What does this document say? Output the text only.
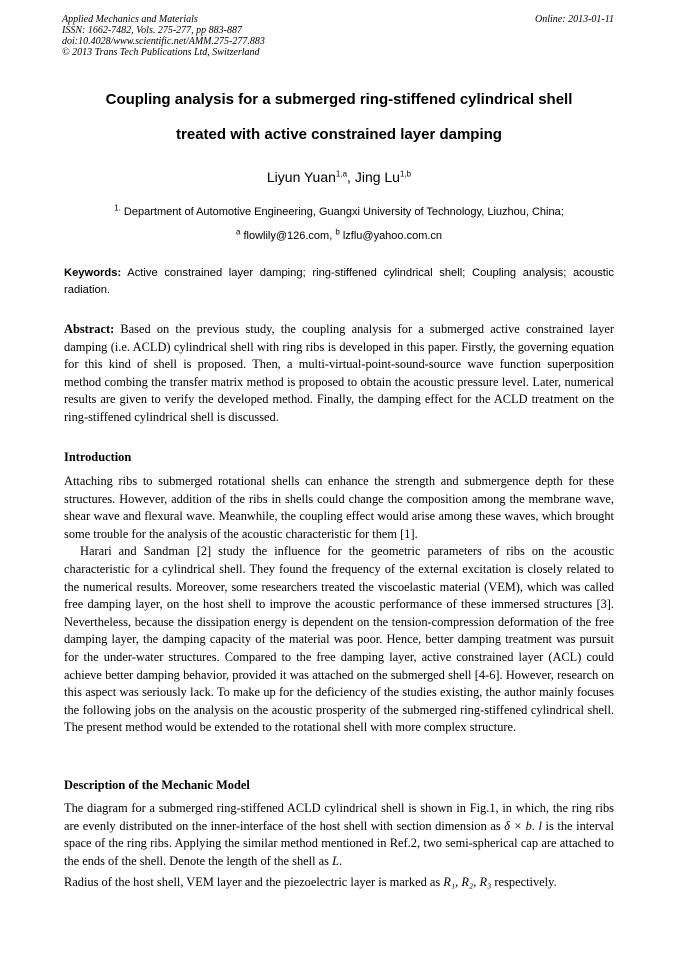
Applied Mechanics and Materials
ISSN: 1662-7482, Vols. 275-277, pp 883-887
doi:10.4028/www.scientific.net/AMM.275-277.883
© 2013 Trans Tech Publications Ltd, Switzerland
Online: 2013-01-11
Coupling analysis for a submerged ring-stiffened cylindrical shell
treated with active constrained layer damping
Liyun Yuan$^{1,a}$, Jing Lu$^{1,b}$
$^{1.}$ Department of Automotive Engineering, Guangxi University of Technology, Liuzhou, China;
$^a$ flowlily@126.com, $^b$ lzflu@yahoo.com.cn
Keywords: Active constrained layer damping; ring-stiffened cylindrical shell; Coupling analysis; acoustic radiation.
Abstract: Based on the previous study, the coupling analysis for a submerged active constrained layer damping (i.e. ACLD) cylindrical shell with ring ribs is developed in this paper. Firstly, the governing equation for this kind of shell is proposed. Then, a multi-virtual-point-sound-source wave function superposition method combing the transfer matrix method is proposed to obtain the acoustic pressure level. Later, numerical results are given to verify the developed method. Finally, the damping effect for the ACLD treatment on the ring-stiffened cylindrical shell is discussed.
Introduction

Attaching ribs to submerged rotational shells can enhance the strength and submergence depth for these structures. However, addition of the ribs in shells could change the composition among the membrane wave, shear wave and flexural wave. Meanwhile, the coupling effect would arise among these waves, which brought some trouble for the analysis of the acoustic characteristic for them [1].

Harari and Sandman [2] study the influence for the geometric parameters of ribs on the acoustic characteristic for a cylindrical shell. They found the frequency of the external excitation is closely related to the numerical results. Moreover, some researchers treated the viscoelastic material (VEM), which was called free damping layer, on the host shell to improve the acoustic performance of these immersed structures [3]. Nevertheless, because the dissipation energy is dependent on the tension-compression deformation of the free damping layer, the damping capacity of the material was poor. Hence, better damping treatment was pursuit for the under-water structures. Compared to the free damping layer, active constrained layer (ACL) could achieve better damping behavior, provided it was attached on the submerged shell [4-6]. However, research on this aspect was seriously lack. To make up for the deficiency of the studies existing, the author mainly focuses the following jobs on the analysis on the acoustic prosperity of the submerged ring-stiffened cylindrical shell. The present method would be extended to the rotational shell with more complex structure.

Description of the Mechanic Model

The diagram for a submerged ring-stiffened ACLD cylindrical shell is shown in Fig.1, in which, the ring ribs are evenly distributed on the inner-interface of the host shell with section dimension as δ × b. l is the interval space of the ring ribs. Applying the similar method mentioned in Ref.2, two semi-spherical cap are attached to the ends of the shell. Denote the length of the shell as L.

Radius of the host shell, VEM layer and the piezoelectric layer is marked as R₁, R₂, R₃ respectively.
